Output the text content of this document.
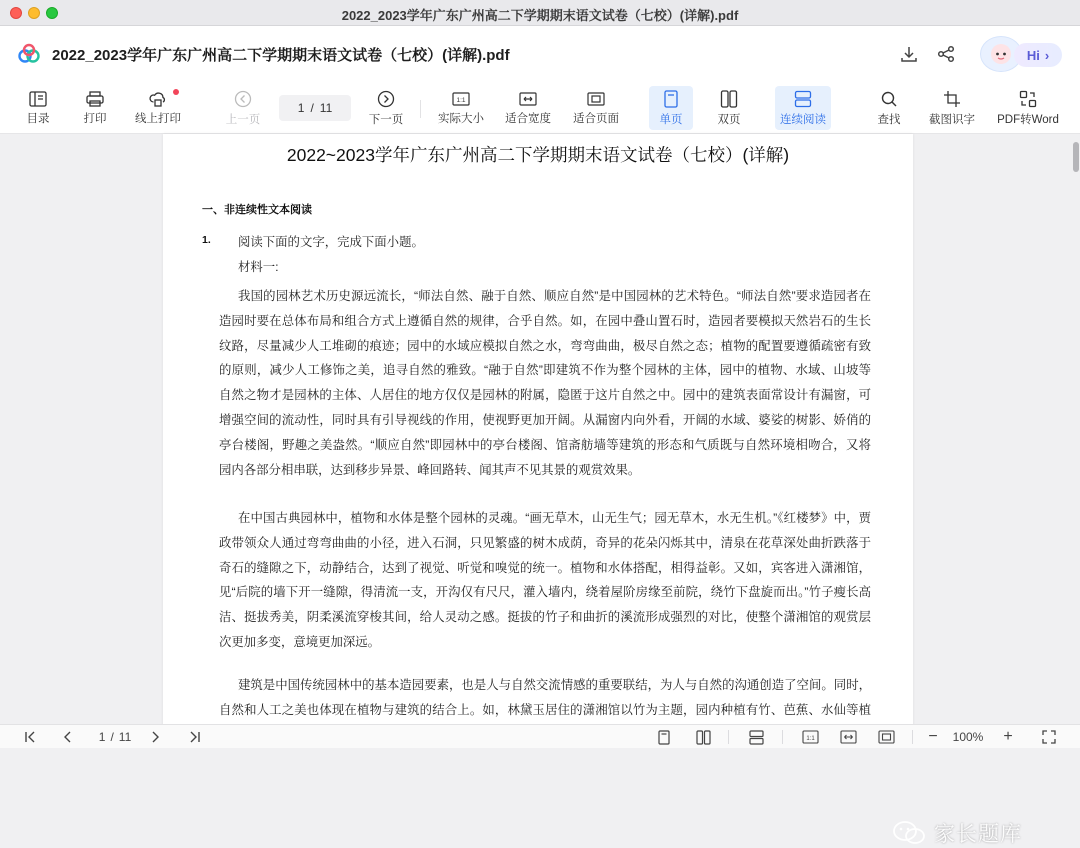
2022_2023学年广东广州高二下学期期末语文试卷（七校）(详解).pdf
2022_2023学年广东广州高二下学期期末语文试卷（七校）(详解).pdf	Hi ›
目录	打印 线上打印	上一页
1 / 11
下一页
1:1
实际大小 适合宽度 适合页面	单页	双页	连续阅读	查找 截图识字 PDF转Word
2022~2023学年广东广州高二下学期期末语文试卷（七校）(详解)
一、非连续性文本阅读
1. 阅读下面的文字，完成下面小题。
材料一:
我国的园林艺术历史源远流长，“师法自然、融于自然、顺应自然”是中国园林的艺术特色。“师法自然”要求造园者在造园时要在总体布局和组合方式上遵循自然的规律，合乎自然。如，在园中叠山置石时，造园者要模拟天然岩石的生长纹路，尽量减少人工堆砌的痕迹；园中的水域应模拟自然之水，弯弯曲曲，极尽自然之态；植物的配置要遵循疏密有致的原则，减少人工修饰之美，追寻自然的雅致。“融于自然”即建筑不作为整个园林的主体，园中的植物、水域、山坡等自然之物才是园林的主体、人居住的地方仅仅是园林的附属，隐匿于这片自然之中。园中的建筑表面常设计有漏窗，可增强空间的流动性，同时具有引导视线的作用，使视野更加开阔。从漏窗内向外看，开阔的水域、婆娑的树影、娇俏的亭台楼阁，野趣之美盎然。“顺应自然”即园林中的亭台楼阁、馆斋舫墙等建筑的形态和气质既与自然环境相吻合，又将园内各部分相串联，达到移步异景、峰回路转、闻其声不见其景的观赏效果。
在中国古典园林中，植物和水体是整个园林的灵魂。“画无草木，山无生气；园无草木，水无生机。”《红楼梦》中，贾政带领众人通过弯弯曲曲的小径，进入石洞，只见繁盛的树木成荫，奇异的花朵闪烁其中，清泉在花草深处曲折跌落于奇石的缝隙之下，动静结合，达到了视觉、听觉和嗅觉的统一。植物和水体搭配，相得益彰。又如，宾客进入潇湘馆，见“后院的墙下开一缝隙，得清流一支，开沟仅有尺尺，灌入墙内，绕着屋阶房缘至前院，绕竹下盘旋而出。”竹子瘦长高洁、挺拔秀美，阴柔溪流穿梭其间，给人灵动之感。挺拔的竹子和曲折的溪流形成强烈的对比，使整个潇湘馆的观赏层次更加多变，意境更加深远。
建筑是中国传统园林中的基本造园要素，也是人与自然交流情感的重要联结，为人与自然的沟通创造了空间。同时，自然和人工之美也体现在植物与建筑的结合上。如，林黛玉居住的潇湘馆以竹为主题，园内种植有竹、芭蕉、水仙等植
家长题库
1 / 11	1:1	−	100% +
